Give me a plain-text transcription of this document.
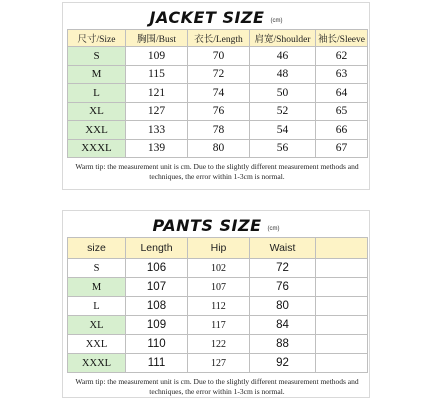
JACKET SIZE (cm)
尺寸/Size	胸围/Bust	衣长/Length	肩宽/Shoulder	袖长/Sleeve
S	109	70	46	62
M	115	72	48	63
L	121	74	50	64
XL	127	76	52	65
XXL	133	78	54	66
XXXL	139	80	56	67

Warm tip: the measurement unit is cm. Due to the slightly different measurement methods and techniques, the error within 1-3cm is normal.

PANTS SIZE (cm)
size	Length	Hip	Waist	
S	106	102	72	
M	107	107	76	
L	108	112	80	
XL	109	117	84	
XXL	110	122	88	
XXXL	111	127	92	

Warm tip: the measurement unit is cm. Due to the slightly different measurement methods and techniques, the error within 1-3cm is normal.
